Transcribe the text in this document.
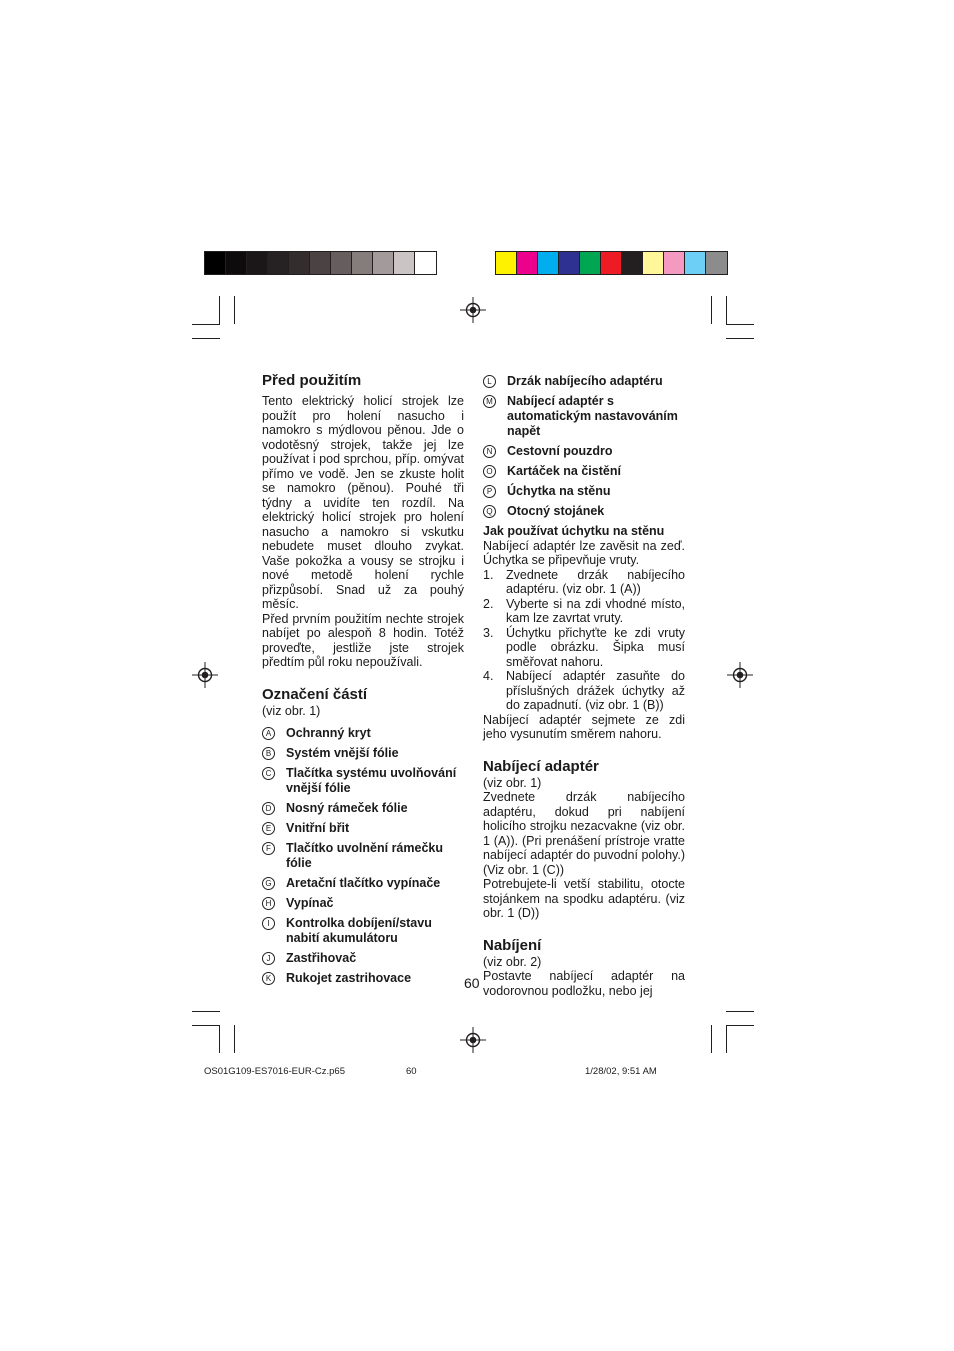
Před použitím

Tento elektrický holicí strojek lze použít pro holení nasucho i namokro s mýdlovou pěnou. Jde o vodotěsný strojek, takže jej lze používat i pod sprchou, příp. omývat přímo ve vodě. Jen se zkuste holit se namokro (pěnou). Pouhé tři týdny a uvidíte ten rozdíl. Na elektrický holicí strojek pro holení nasucho a namokro si vskutku nebudete muset dlouho zvykat. Vaše pokožka a vousy se strojku i nové metodě holení rychle přizpůsobí. Snad už za pouhý měsíc.

Před prvním použitím nechte strojek nabíjet po alespoň 8 hodin. Totéž proveďte, jestliže jste strojek předtím půl roku nepoužívali.

Označení částí
(viz obr. 1)
A	Ochranný kryt
B	Systém vnější fólie
C Tlačítka systému uvolňování vnější fólie
D Nosný rámeček fólie
E	Vnitřní břit
F	Tlačítko uvolnění rámečku fólie
G Aretační tlačítko vypínače
H Vypínač
I	Kontrolka dobíjení/stavu nabití akumulátoru
J	Zastřihovač
K	Rukojet zastrihovace
L	Drzák nabíjecího adaptéru
M Nabíjecí adaptér s automatickým nastavováním napět
N Cestovní pouzdro
O Kartáček na čistění
P	Úchytka na stěnu
Q Otocný stojánek
Jak používat úchytku na stěnu

Nabíjecí adaptér lze zavěsit na zeď. Úchytka se připevňuje vruty.

1.	Zvednete drzák nabíjecího adaptéru. (viz obr. 1 (A))
2.	Vyberte si na zdi vhodné místo, kam lze zavrtat vruty.
3.	Úchytku přichyťte ke zdi vruty podle obrázku. Šipka musí směřovat nahoru.
4.	Nabíjecí adaptér zasuňte do příslušných drážek úchytky až do zapadnutí. (viz obr. 1 (B))

Nabíjecí adaptér sejmete ze zdi jeho vysunutím směrem nahoru.

Nabíjecí adaptér
(viz obr. 1)

Zvednete drzák nabíjecího adaptéru, dokud pri nabíjení holicího strojku nezacvakne (viz obr. 1 (A)). (Pri prenášení prístroje vratte nabíjecí adaptér do puvodní polohy.) (Viz obr. 1 (C))

Potrebujete-li vetší stabilitu, otocte stojánkem na spodku adaptéru. (viz obr. 1 (D))

Nabíjení
(viz obr. 2)

Postavte nabíjecí adaptér na vodorovnou podložku, nebo jej

60
OS01G109-ES7016-EUR-Cz.p65	60	1/28/02, 9:51 AM
